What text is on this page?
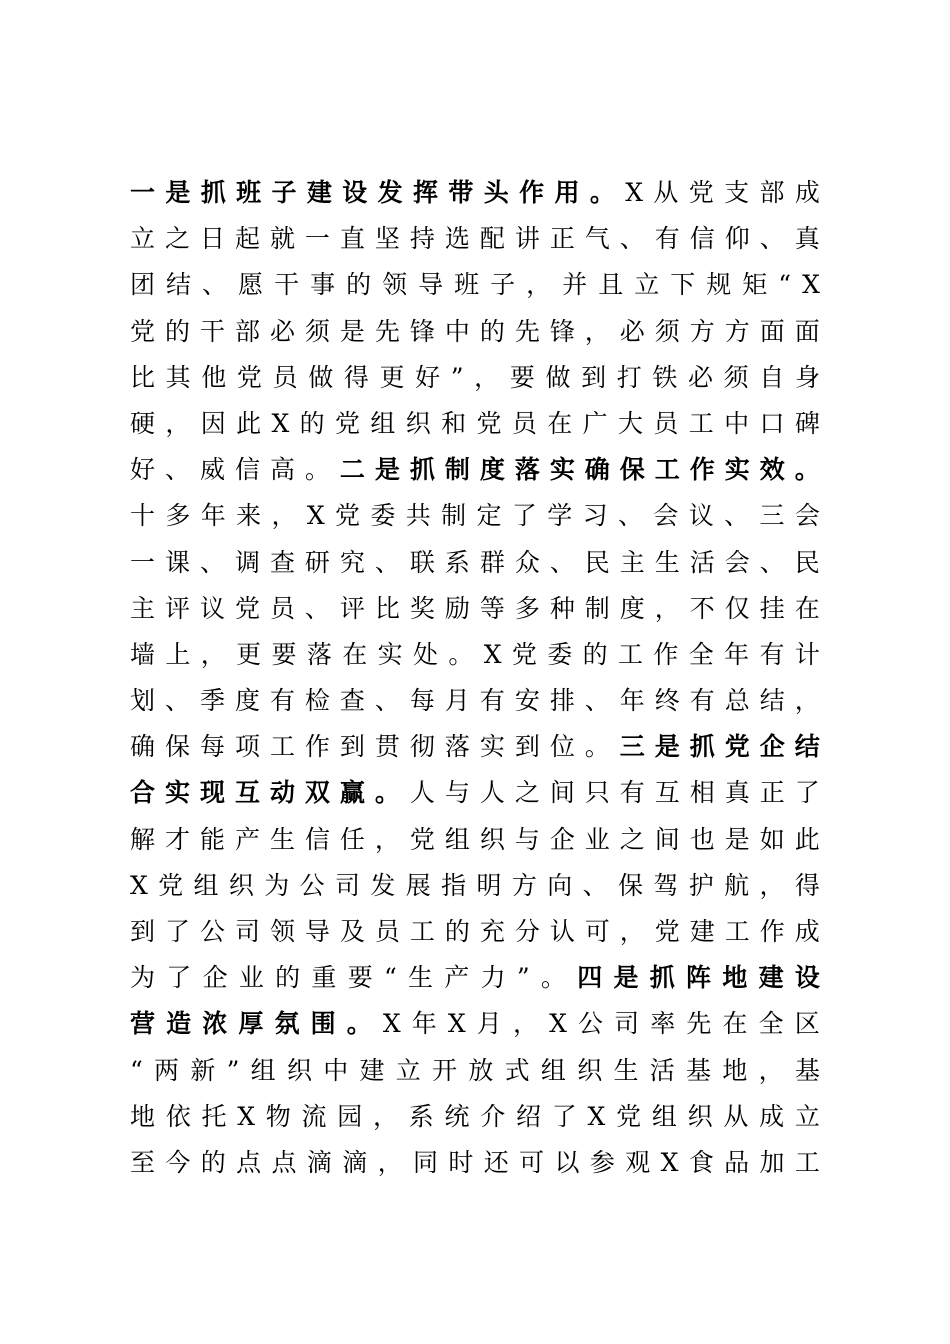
一 是 抓 班 子 建 设 发 挥 带 头 作 用 。 X 从 党 支 部 成
立 之 日 起 就 一 直 坚 持 选 配 讲 正 气 、 有 信 仰 、 真
团 结 、 愿 干 事 的 领 导 班 子 ， 并 且 立 下 规 矩 “ X
党 的 干 部 必 须 是 先 锋 中 的 先 锋 ， 必 须 方 方 面 面
比 其 他 党 员 做 得 更 好 ” ， 要 做 到 打 铁 必 须 自 身
硬 ， 因 此 X 的 党 组 织 和 党 员 在 广 大 员 工 中 口 碑
好 、 威 信 高 。 二 是 抓 制 度 落 实 确 保 工 作 实 效 。
十 多 年 来 ， X 党 委 共 制 定 了 学 习 、 会 议 、 三 会
一 课 、 调 查 研 究 、 联 系 群 众 、 民 主 生 活 会 、 民
主 评 议 党 员 、 评 比 奖 励 等 多 种 制 度 ， 不 仅 挂 在
墙 上 ， 更 要 落 在 实 处 。 X 党 委 的 工 作 全 年 有 计
划 、 季 度 有 检 查 、 每 月 有 安 排 、 年 终 有 总 结 ，
确 保 每 项 工 作 到 贯 彻 落 实 到 位 。 三 是 抓 党 企 结
合 实 现 互 动 双 赢 。 人 与 人 之 间 只 有 互 相 真 正 了
解 才 能 产 生 信 任 ， 党 组 织 与 企 业 之 间 也 是 如 此
X 党 组 织 为 公 司 发 展 指 明 方 向 、 保 驾 护 航 ， 得
到 了 公 司 领 导 及 员 工 的 充 分 认 可 ， 党 建 工 作 成
为 了 企 业 的 重 要 “ 生 产 力 ” 。 四 是 抓 阵 地 建 设
营 造 浓 厚 氛 围 。 X 年 X 月 ， X 公 司 率 先 在 全 区
“ 两 新 ” 组 织 中 建 立 开 放 式 组 织 生 活 基 地 ， 基
地 依 托 X 物 流 园 ， 系 统 介 绍 了 X 党 组 织 从 成 立
至 今 的 点 点 滴 滴 ， 同 时 还 可 以 参 观 X 食 品 加 工
